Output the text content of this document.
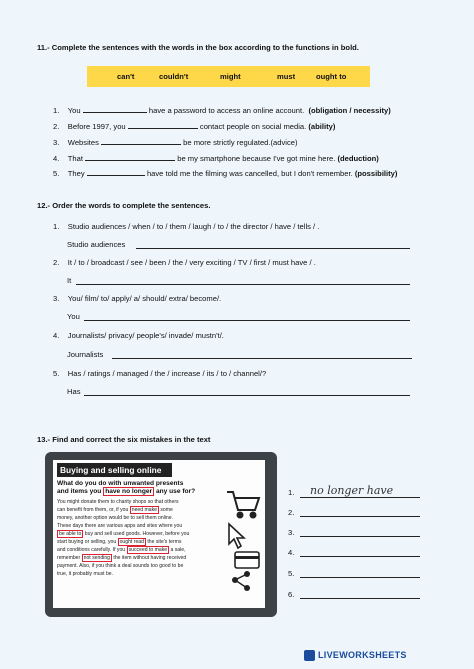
11.- Complete the sentences with the words in the box according to the functions in bold.
can't	couldn't	might	must	ought to
1. You	have a password to access an online account. (obligation / necessity)
2. Before 1997, you	contact people on social media. (ability)
3. Websites	be more strictly regulated.(advice)
4. That	be my smartphone because I've got mine here. (deduction)
5. They	have told me the filming was cancelled, but I don't remember. (possibility)
12.- Order the words to complete the sentences.
1. Studio audiences / when / to / them / laugh / to / the director / have / tells / .
Studio audiences
2. It / to / broadcast / see / been / the / very exciting / TV / first / must have / .
It
3. You/ film/ to/ apply/ a/ should/ extra/ become/.
You
4. Journalists/ privacy/ people's/ invade/ mustn't/.
Journalists
5. Has / ratings / managed / the / increase / its / to / channel/?
Has
13.- Find and correct the six mistakes in the text
Buying and selling online
What do you do with unwanted presents
and items you have no longer any use for?
You might donate them to charity shops so that others
can benefit from them, or, if you need make some
money, another option would be to sell them online.
These days there are various apps and sites where you
be able to buy and sell used goods. However, before you
start buying or selling, you ought read the site's terms
and conditions carefully. If you succeed to make a sale,
remember not sending the item without having received
payment. Also, if you think a deal sounds too good to be
true, it probably must be.
1. no longer have
2.
3.
4.
5.
6.
LIVEWORKSHEETS
